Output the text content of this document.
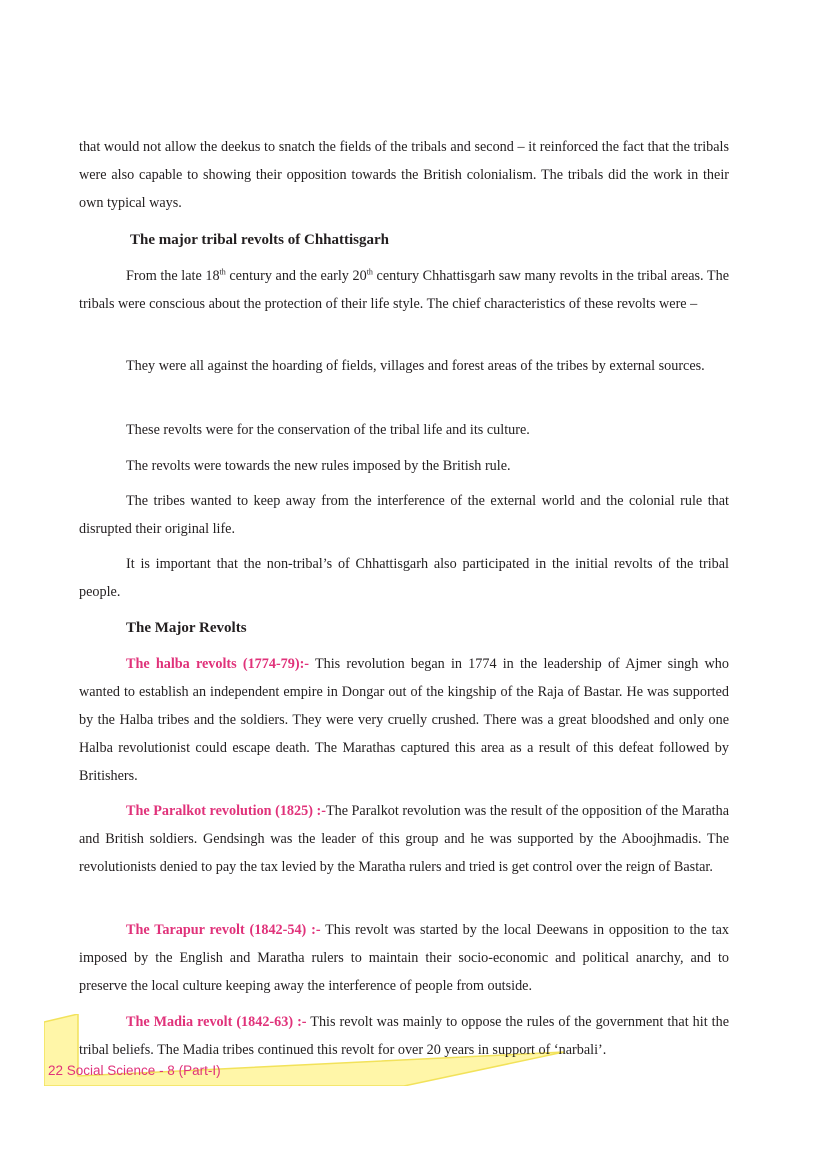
that would not allow the deekus to snatch the fields of the tribals and second – it reinforced the fact that the tribals were also capable to showing their opposition towards the British colonialism. The tribals did the work in their own typical ways.
The major tribal revolts of Chhattisgarh
From the late 18th century and the early 20th century Chhattisgarh saw many revolts in the tribal areas. The tribals were conscious about the protection of their life style. The chief characteristics of these revolts were –
They were all against the hoarding of fields, villages and forest areas of the tribes by external sources.
These revolts were for the conservation of the tribal life and its culture.
The revolts were towards the new rules imposed by the British rule.
The tribes wanted to keep away from the interference of the external world and the colonial rule that disrupted their original life.
It is important that the non-tribal’s of Chhattisgarh also participated in the initial revolts of the tribal people.
The Major Revolts
The halba revolts (1774-79):- This revolution began in 1774 in the leadership of Ajmer singh who wanted to establish an independent empire in Dongar out of the kingship of the Raja of Bastar. He was supported by the Halba tribes and the soldiers. They were very cruelly crushed. There was a great bloodshed and only one Halba revolutionist could escape death. The Marathas captured this area as a result of this defeat followed by Britishers.
The Paralkot revolution (1825) :-The Paralkot revolution was the result of the opposition of the Maratha and British soldiers. Gendsingh was the leader of this group and he was supported by the Aboojhmadis. The revolutionists denied to pay the tax levied by the Maratha rulers and tried is get control over the reign of Bastar.
The Tarapur revolt (1842-54) :- This revolt was started by the local Deewans in opposition to the tax imposed by the English and Maratha rulers to maintain their socio-economic and political anarchy, and to preserve the local culture keeping away the interference of people from outside.
The Madia revolt (1842-63) :- This revolt was mainly to oppose the rules of the government that hit the tribal beliefs. The Madia tribes continued this revolt for over 20 years in support of ‘narbali’.
22 Social Science - 8 (Part-I)
